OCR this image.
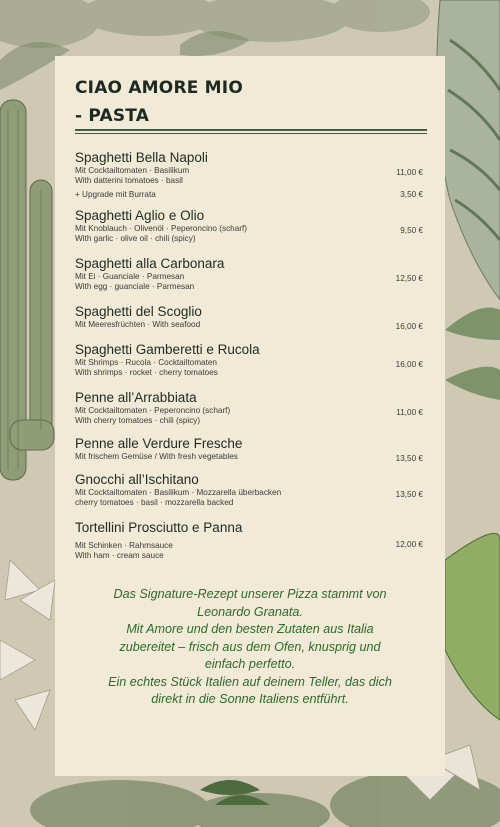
CIAO AMORE MIO
- PASTA
Spaghetti Bella Napoli
11,00 €
Mit Cocktailtomaten · Basilikum
With datterini tomatoes · basil
+ Upgrade mit Burrata	3,50 €
Spaghetti Aglio e Olio
9,50 €
Mit Knoblauch · Olivenöl · Peperoncino (scharf)
With garlic · olive oil · chili (spicy)
Spaghetti alla Carbonara
12,50 €
Mit Ei · Guanciale · Parmesan
With egg · guanciale · Parmesan
Spaghetti del Scoglio
16,00 €
Mit Meeresfrüchten · With seafood
Spaghetti Gamberetti e Rucola
16,00 €
Mit Shrimps · Rucola · Cocktailtomaten
With shrimps · rocket · cherry tomatoes
Penne all’Arrabbiata
11,00 €
Mit Cocktailtomaten · Peperoncino (scharf)
With cherry tomatoes · chili (spicy)
Penne alle Verdure Fresche
13,50 €
Mit frischem Gemüse / With fresh vegetables
Gnocchi all’Ischitano
13,50 €
Mit Cocktailtomaten · Basilikum · Mozzarella überbacken
cherry tomatoes · basil · mozzarella backed
Tortellini Prosciutto e Panna
12,00 €
Mit Schinken · Rahmsauce
With ham · cream sauce
Das Signature-Rezept unserer Pizza stammt von
Leonardo Granata.
Mit Amore und den besten Zutaten aus Italia
zubereitet – frisch aus dem Ofen, knusprig und
einfach perfetto.
Ein echtes Stück Italien auf deinem Teller, das dich
direkt in die Sonne Italiens entführt.
